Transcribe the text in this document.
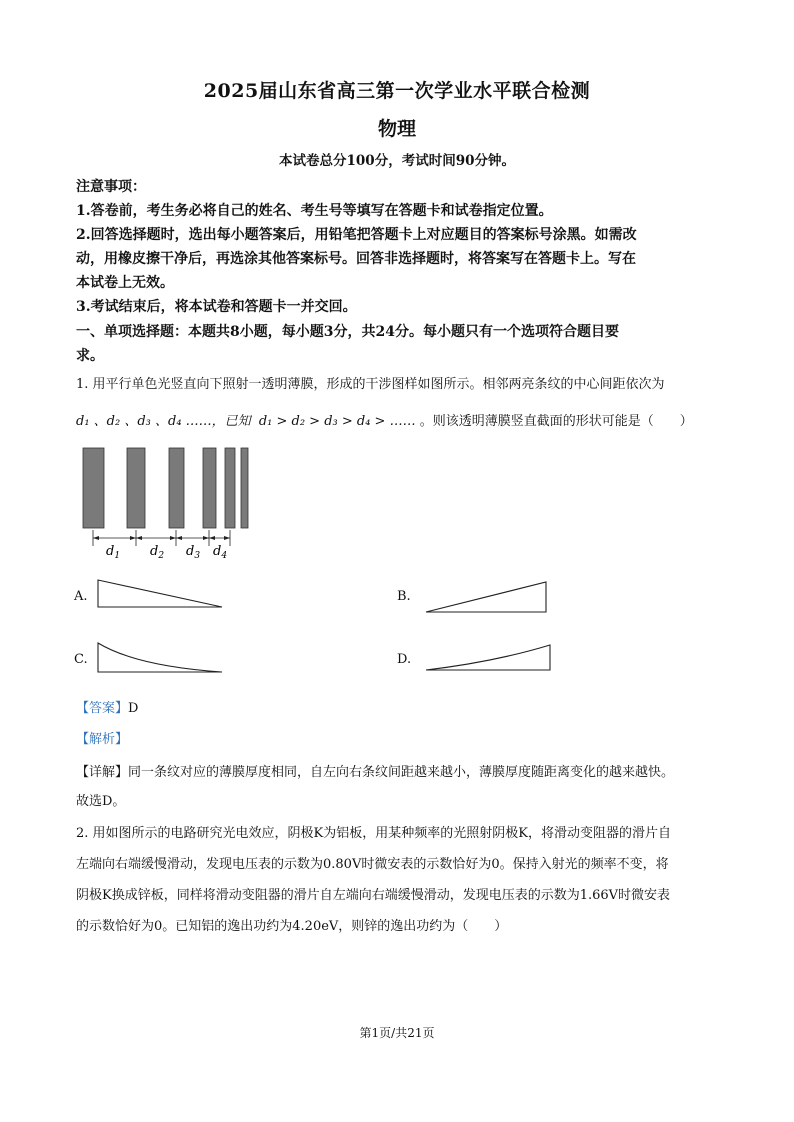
2025届山东省高三第一次学业水平联合检测
物理
本试卷总分100分，考试时间90分钟。
注意事项：
1.答卷前，考生务必将自己的姓名、考生号等填写在答题卡和试卷指定位置。
2.回答选择题时，选出每小题答案后，用铅笔把答题卡上对应题目的答案标号涂黑。如需改
动，用橡皮擦干净后，再选涂其他答案标号。回答非选择题时，将答案写在答题卡上。写在
本试卷上无效。
3.考试结束后，将本试卷和答题卡一并交回。
一、单项选择题：本题共8小题，每小题3分，共24分。每小题只有一个选项符合题目要
求。
1. 用平行单色光竖直向下照射一透明薄膜，形成的干涉图样如图所示。相邻两亮条纹的中心间距依次为
d₁ 、d₂ 、d₃ 、d₄ ……，已知 d₁ > d₂ > d₃ > d₄ > …… 。则该透明薄膜竖直截面的形状可能是（　　）
$d_1$ $d_2$ $d_3$ $d_4$
A.	B.
C.	D.
【答案】D
【解析】
【详解】同一条纹对应的薄膜厚度相同，自左向右条纹间距越来越小，薄膜厚度随距离变化的越来越快。
故选D。
2. 用如图所示的电路研究光电效应，阴极K为铝板，用某种频率的光照射阴极K，将滑动变阻器的滑片自
左端向右端缓慢滑动，发现电压表的示数为0.80V时微安表的示数恰好为0。保持入射光的频率不变，将
阴极K换成锌板，同样将滑动变阻器的滑片自左端向右端缓慢滑动，发现电压表的示数为1.66V时微安表
的示数恰好为0。已知铝的逸出功约为4.20eV，则锌的逸出功约为（　　）
第1页/共21页
